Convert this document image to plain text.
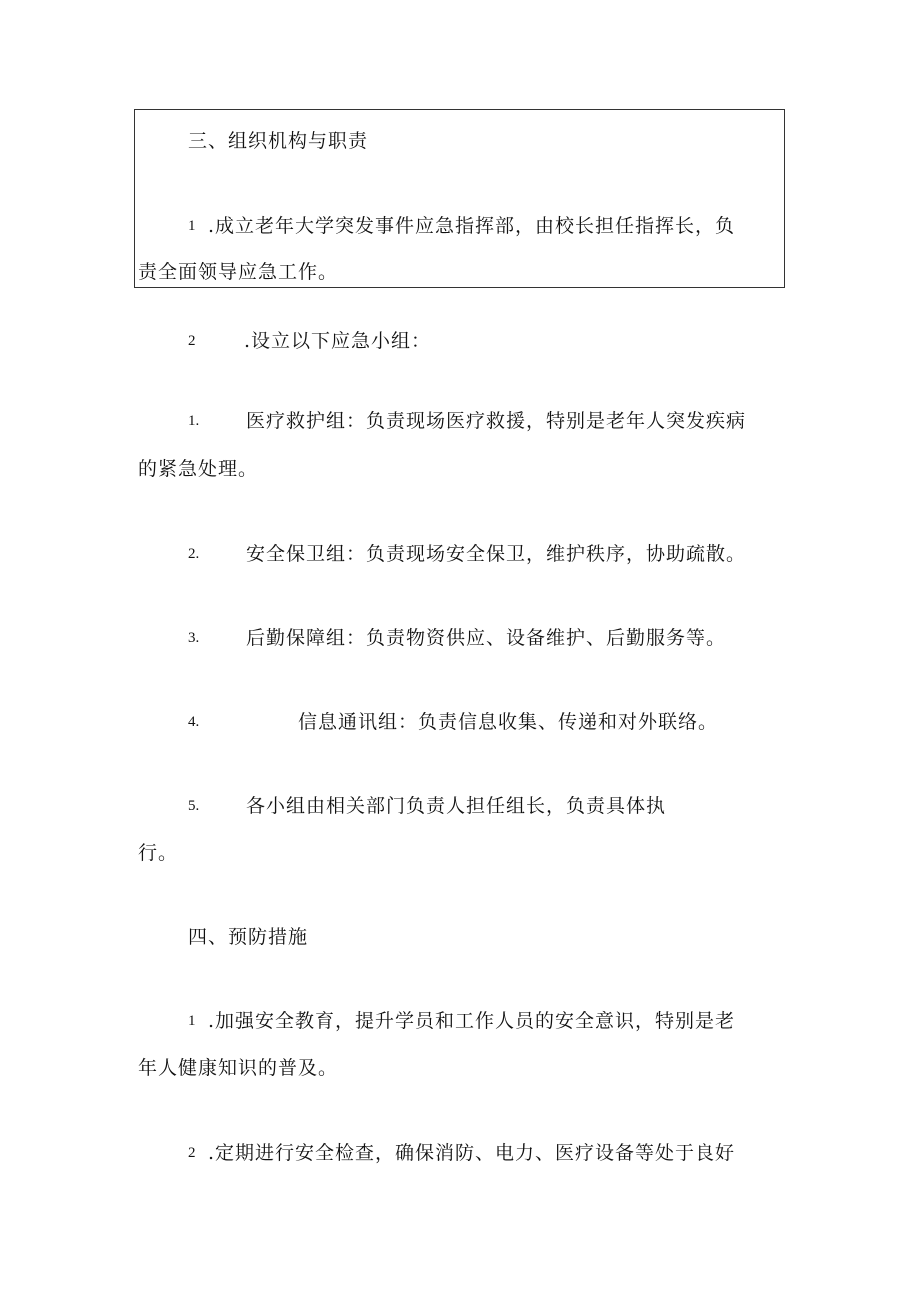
三、组织机构与职责
1 .成立老年大学突发事件应急指挥部，由校长担任指挥长，负
责全面领导应急工作。
2	.设立以下应急小组：
1. 医疗救护组：负责现场医疗救援，特别是老年人突发疾病
的紧急处理。
2. 安全保卫组：负责现场安全保卫，维护秩序，协助疏散。
3. 后勤保障组：负责物资供应、设备维护、后勤服务等。
4.	信息通讯组：负责信息收集、传递和对外联络。
5. 各小组由相关部门负责人担任组长，负责具体执
行。
四、预防措施
1 .加强安全教育，提升学员和工作人员的安全意识，特别是老
年人健康知识的普及。
2 .定期进行安全检查，确保消防、电力、医疗设备等处于良好
